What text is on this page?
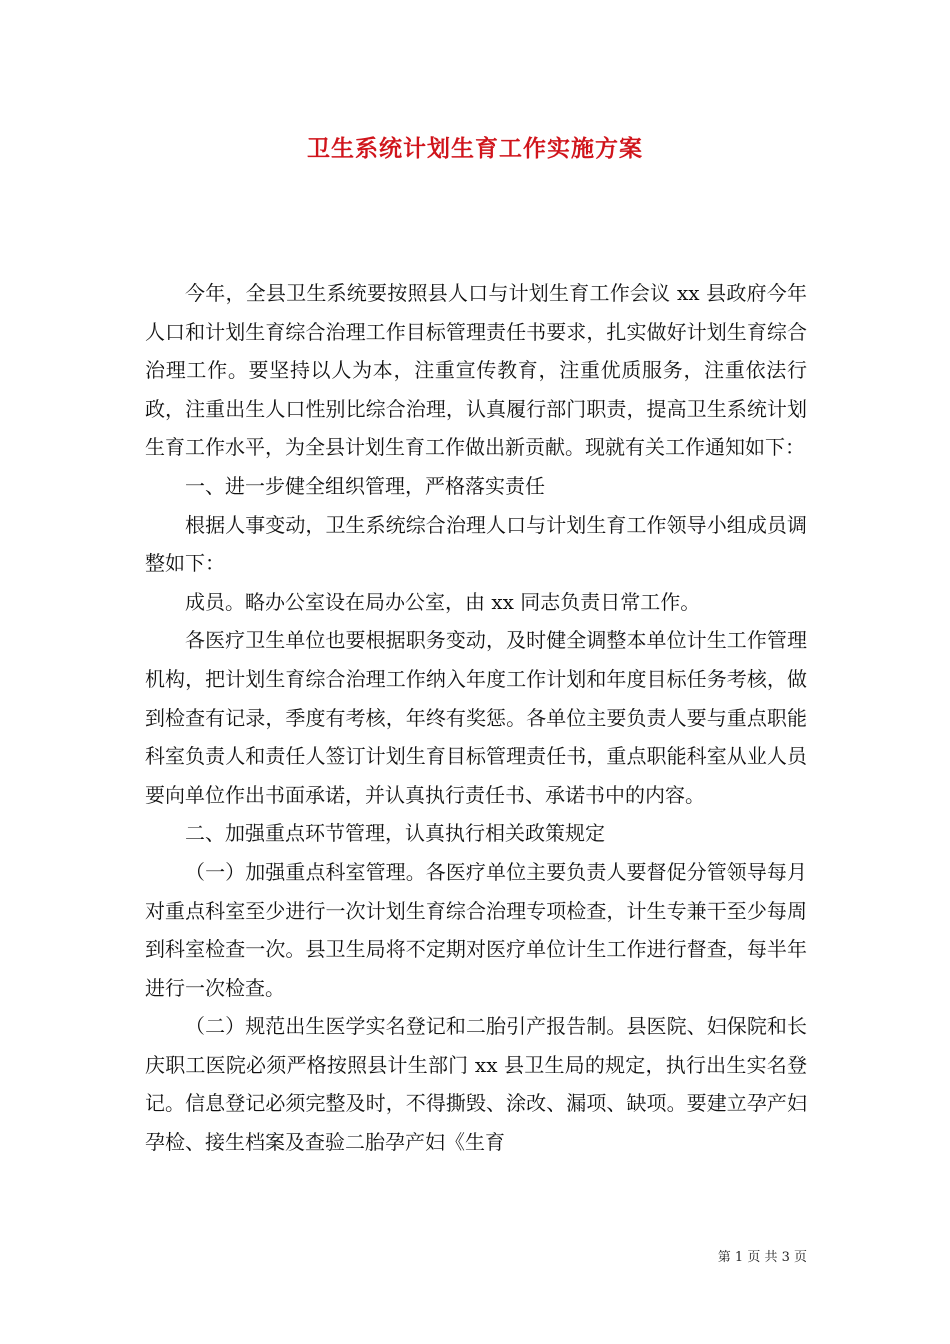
卫生系统计划生育工作实施方案

今年，全县卫生系统要按照县人口与计划生育工作会议 xx 县政府今年人口和计划生育综合治理工作目标管理责任书要求，扎实做好计划生育综合治理工作。要坚持以人为本，注重宣传教育，注重优质服务，注重依法行政，注重出生人口性别比综合治理，认真履行部门职责，提高卫生系统计划生育工作水平，为全县计划生育工作做出新贡献。现就有关工作通知如下：

一、进一步健全组织管理，严格落实责任

根据人事变动，卫生系统综合治理人口与计划生育工作领导小组成员调整如下：

成员。略办公室设在局办公室，由 xx 同志负责日常工作。

各医疗卫生单位也要根据职务变动，及时健全调整本单位计生工作管理机构，把计划生育综合治理工作纳入年度工作计划和年度目标任务考核，做到检查有记录，季度有考核，年终有奖惩。各单位主要负责人要与重点职能科室负责人和责任人签订计划生育目标管理责任书，重点职能科室从业人员要向单位作出书面承诺，并认真执行责任书、承诺书中的内容。

二、加强重点环节管理，认真执行相关政策规定

（一）加强重点科室管理。各医疗单位主要负责人要督促分管领导每月对重点科室至少进行一次计划生育综合治理专项检查，计生专兼干至少每周到科室检查一次。县卫生局将不定期对医疗单位计生工作进行督查，每半年进行一次检查。

（二）规范出生医学实名登记和二胎引产报告制。县医院、妇保院和长庆职工医院必须严格按照县计生部门 xx 县卫生局的规定，执行出生实名登记。信息登记必须完整及时，不得撕毁、涂改、漏项、缺项。要建立孕产妇孕检、接生档案及查验二胎孕产妇《生育

第 1 页 共 3 页
